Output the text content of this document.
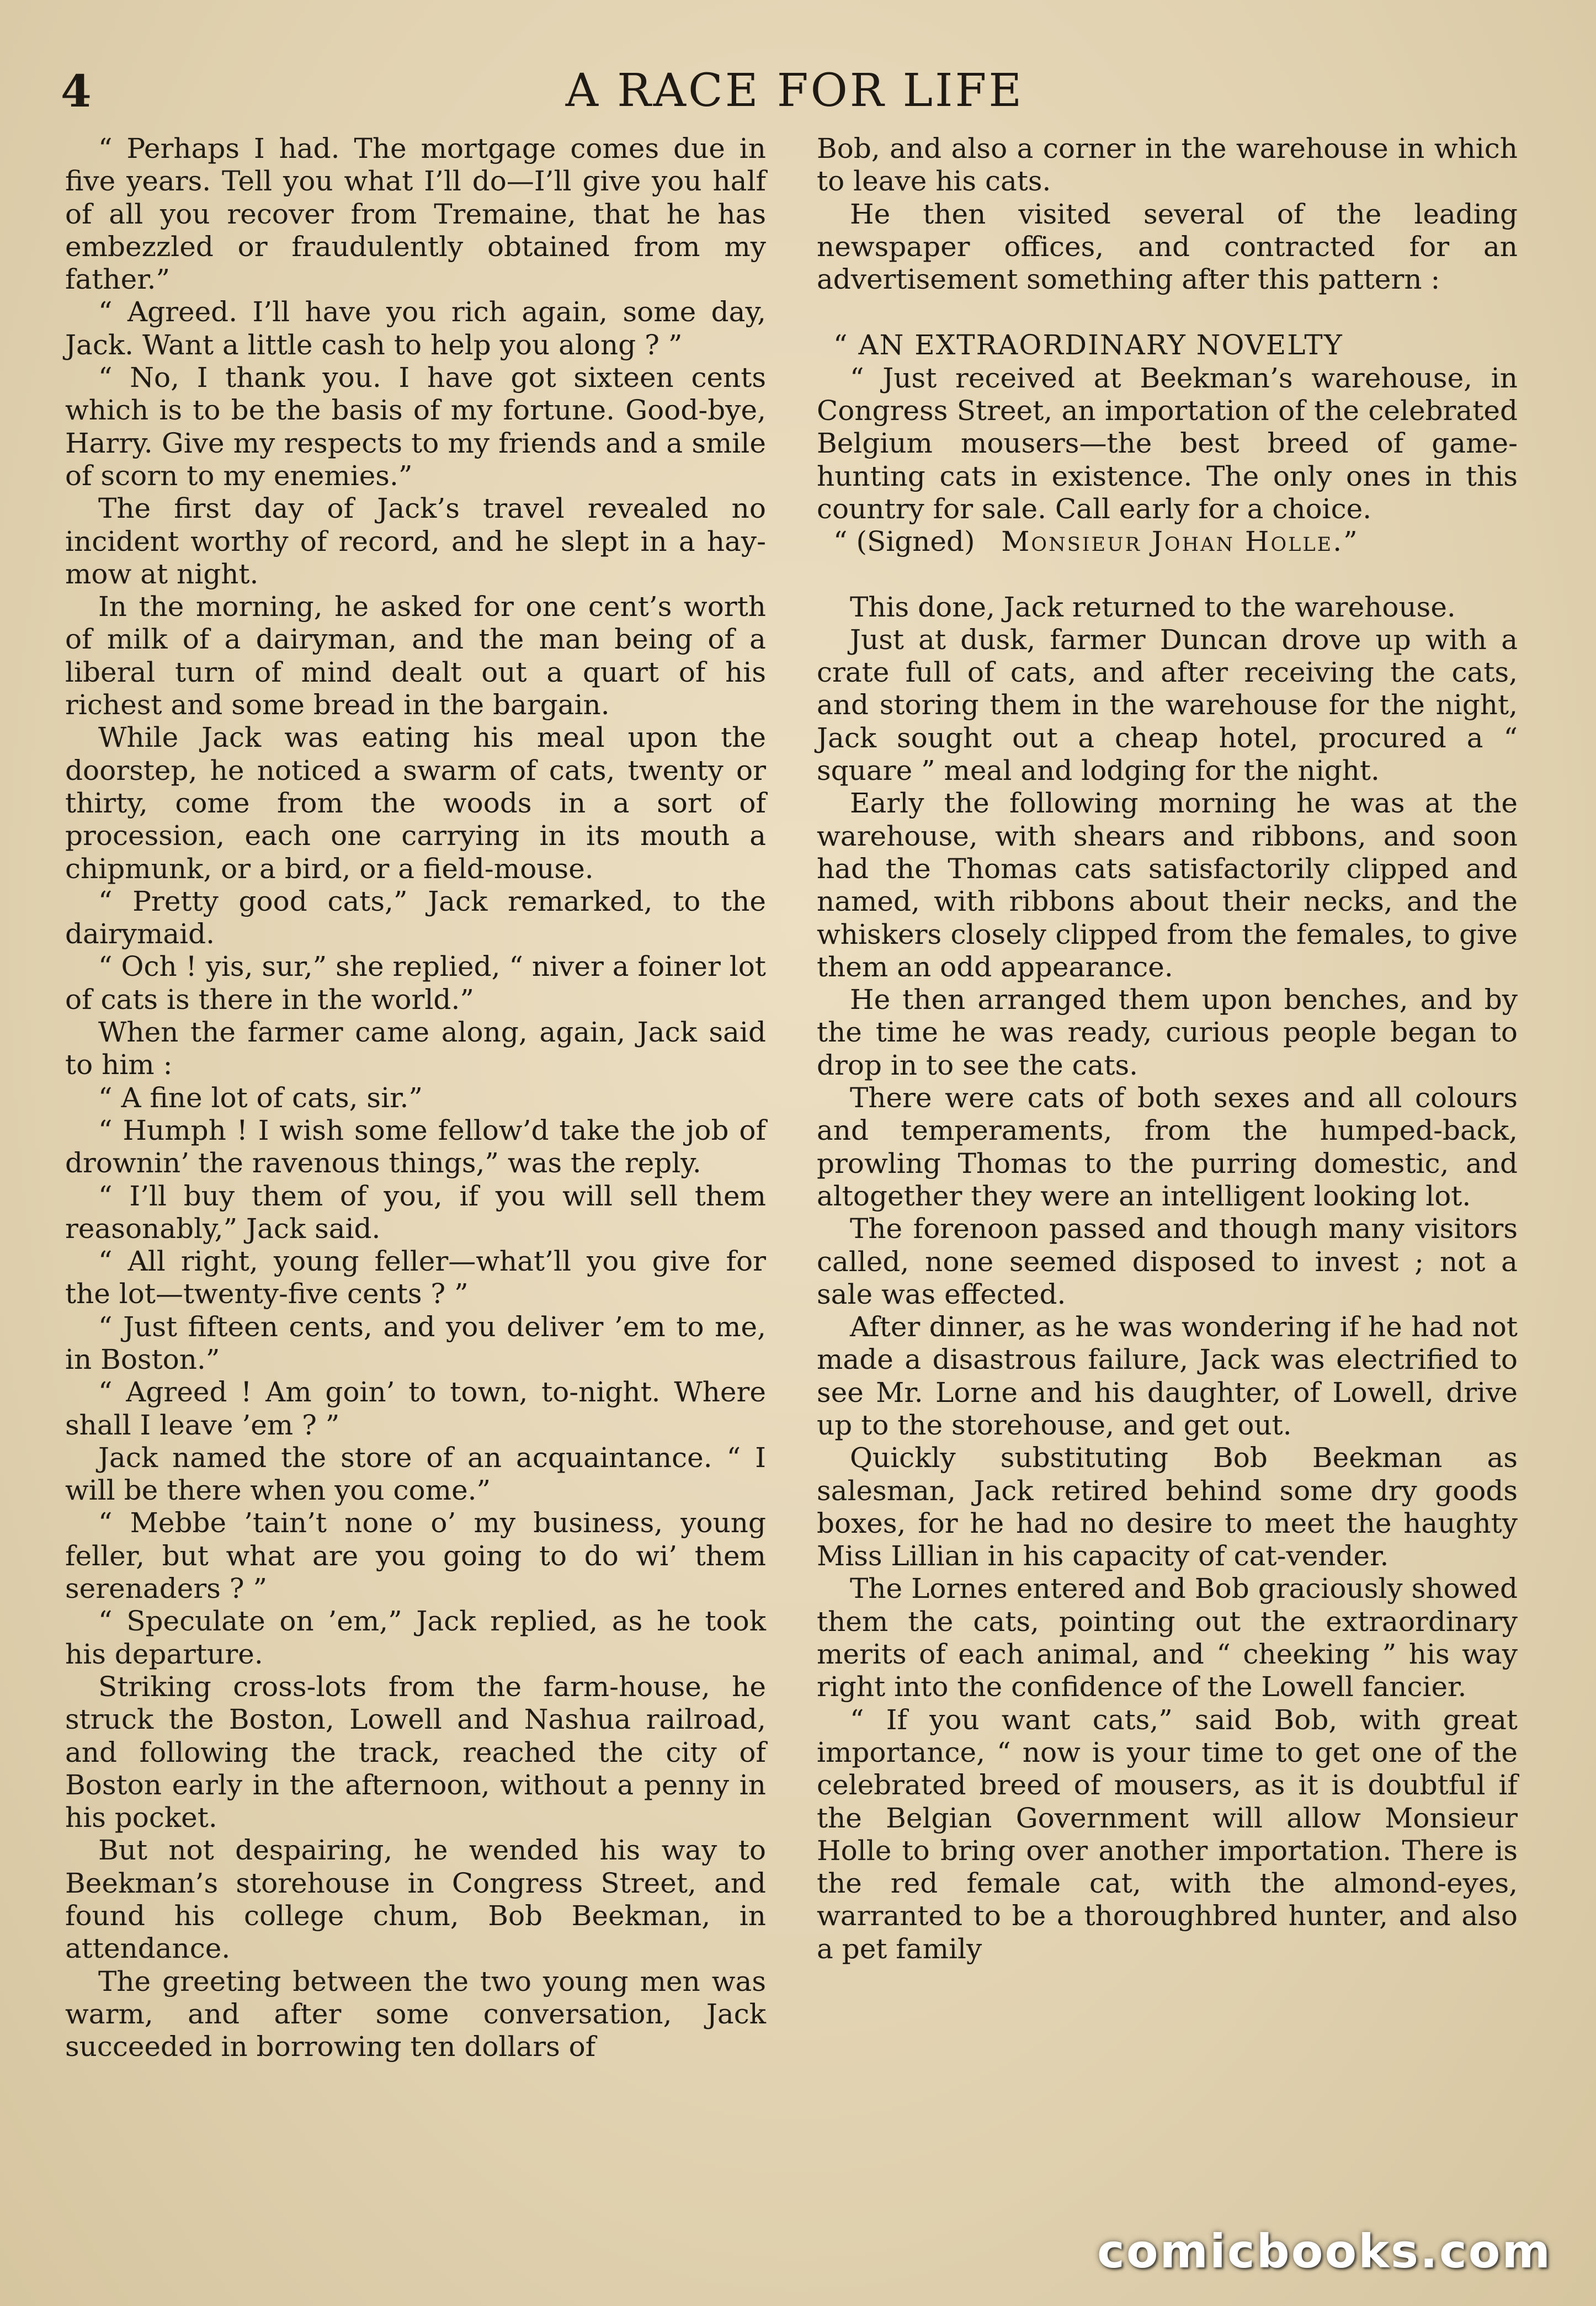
4	A RACE FOR LIFE

“ Perhaps I had. The mortgage comes due in five years. Tell you what I’ll do—I’ll give you half of all you recover from Tremaine, that he has embezzled or fraudulently obtained from my father.”

“ Agreed. I’ll have you rich again, some day, Jack. Want a little cash to help you along ? ”

“ No, I thank you. I have got sixteen cents which is to be the basis of my fortune. Good-bye, Harry. Give my respects to my friends and a smile of scorn to my enemies.”

The first day of Jack’s travel revealed no incident worthy of record, and he slept in a hay-mow at night.

In the morning, he asked for one cent’s worth of milk of a dairyman, and the man being of a liberal turn of mind dealt out a quart of his richest and some bread in the bargain.

While Jack was eating his meal upon the doorstep, he noticed a swarm of cats, twenty or thirty, come from the woods in a sort of procession, each one carrying in its mouth a chipmunk, or a bird, or a field-mouse.

“ Pretty good cats,” Jack remarked, to the dairymaid.

“ Och ! yis, sur,” she replied, “ niver a foiner lot of cats is there in the world.”

When the farmer came along, again, Jack said to him :

“ A fine lot of cats, sir.”

“ Humph ! I wish some fellow’d take the job of drownin’ the ravenous things,” was the reply.

“ I’ll buy them of you, if you will sell them reasonably,” Jack said.

“ All right, young feller—what’ll you give for the lot—twenty-five cents ? ”

“ Just fifteen cents, and you deliver ’em to me, in Boston.”

“ Agreed ! Am goin’ to town, to-night. Where shall I leave ’em ? ”

Jack named the store of an acquaintance. “ I will be there when you come.”

“ Mebbe ’tain’t none o’ my business, young feller, but what are you going to do wi’ them serenaders ? ”

“ Speculate on ’em,” Jack replied, as he took his departure.

Striking cross-lots from the farm-house, he struck the Boston, Lowell and Nashua railroad, and following the track, reached the city of Boston early in the afternoon, without a penny in his pocket.

But not despairing, he wended his way to Beekman’s storehouse in Congress Street, and found his college chum, Bob Beekman, in attendance.

The greeting between the two young men was warm, and after some conversation, Jack succeeded in borrowing ten dollars of

Bob, and also a corner in the warehouse in which to leave his cats.

He then visited several of the leading newspaper offices, and contracted for an advertisement something after this pattern :

“ AN EXTRAORDINARY NOVELTY

“ Just received at Beekman’s warehouse, in Congress Street, an importation of the celebrated Belgium mousers—the best breed of game-hunting cats in existence. The only ones in this country for sale. Call early for a choice.

“ (Signed) Monsieur Johan Holle.”

This done, Jack returned to the warehouse.

Just at dusk, farmer Duncan drove up with a crate full of cats, and after receiving the cats, and storing them in the warehouse for the night, Jack sought out a cheap hotel, procured a “ square ” meal and lodging for the night.

Early the following morning he was at the warehouse, with shears and ribbons, and soon had the Thomas cats satisfactorily clipped and named, with ribbons about their necks, and the whiskers closely clipped from the females, to give them an odd appearance.

He then arranged them upon benches, and by the time he was ready, curious people began to drop in to see the cats.

There were cats of both sexes and all colours and temperaments, from the humped-back, prowling Thomas to the purring domestic, and altogether they were an intelligent looking lot.

The forenoon passed and though many visitors called, none seemed disposed to invest ; not a sale was effected.

After dinner, as he was wondering if he had not made a disastrous failure, Jack was electrified to see Mr. Lorne and his daughter, of Lowell, drive up to the storehouse, and get out.

Quickly substituting Bob Beekman as salesman, Jack retired behind some dry goods boxes, for he had no desire to meet the haughty Miss Lillian in his capacity of cat-vender.

The Lornes entered and Bob graciously showed them the cats, pointing out the extraordinary merits of each animal, and “ cheeking ” his way right into the confidence of the Lowell fancier.

“ If you want cats,” said Bob, with great importance, “ now is your time to get one of the celebrated breed of mousers, as it is doubtful if the Belgian Government will allow Monsieur Holle to bring over another importation. There is the red female cat, with the almond-eyes, warranted to be a thoroughbred hunter, and also a pet family

comicbooks.com
